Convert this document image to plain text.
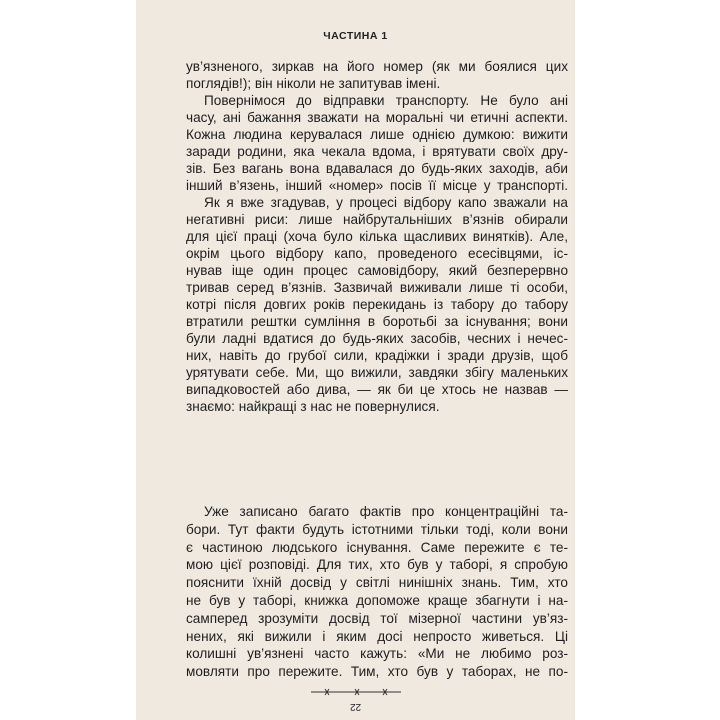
ЧАСТИНА 1
ув’язненого, зиркав на його номер (як ми боялися цих
поглядів!); він ніколи не запитував імені.
Повернімося до відправки транспорту. Не було ані
часу, ані бажання зважати на моральні чи етичні аспекти.
Кожна людина керувалася лише однією думкою: вижити
заради родини, яка чекала вдома, і врятувати своїх дру-
зів. Без вагань вона вдавалася до будь-яких заходів, аби
інший в’язень, інший «номер» посів її місце у транспорті.
Як я вже згадував, у процесі відбору капо зважали на
негативні риси: лише найбрутальніших в’язнів обирали
для цієї праці (хоча було кілька щасливих винятків). Але,
окрім цього відбору капо, проведеного есесівцями, іс-
нував іще один процес самовідбору, який безперервно
тривав серед в’язнів. Зазвичай виживали лише ті особи,
котрі після довгих років перекидань із табору до табору
втратили рештки сумління в боротьбі за існування; вони
були ладні вдатися до будь-яких засобів, чесних і нечес-
них, навіть до грубої сили, крадіжки і зради друзів, щоб
урятувати себе. Ми, що вижили, завдяки збігу маленьких
випадковостей або дива, — як би це хтось не назвав —
знаємо: найкращі з нас не повернулися.
Уже записано багато фактів про концентраційні та-
бори. Тут факти будуть істотними тільки тоді, коли вони
є частиною людського існування. Саме пережите є те-
мою цієї розповіді. Для тих, хто був у таборі, я спробую
пояснити їхній досвід у світлі нинішніх знань. Тим, хто
не був у таборі, книжка допоможе краще збагнути і на-
самперед зрозуміти досвід тої мізерної частини ув’яз-
нених, які вижили і яким досі непросто живеться. Ці
колишні ув’язнені часто кажуть: «Ми не любимо роз-
мовляти про пережите. Тим, хто був у таборах, не по-
22
